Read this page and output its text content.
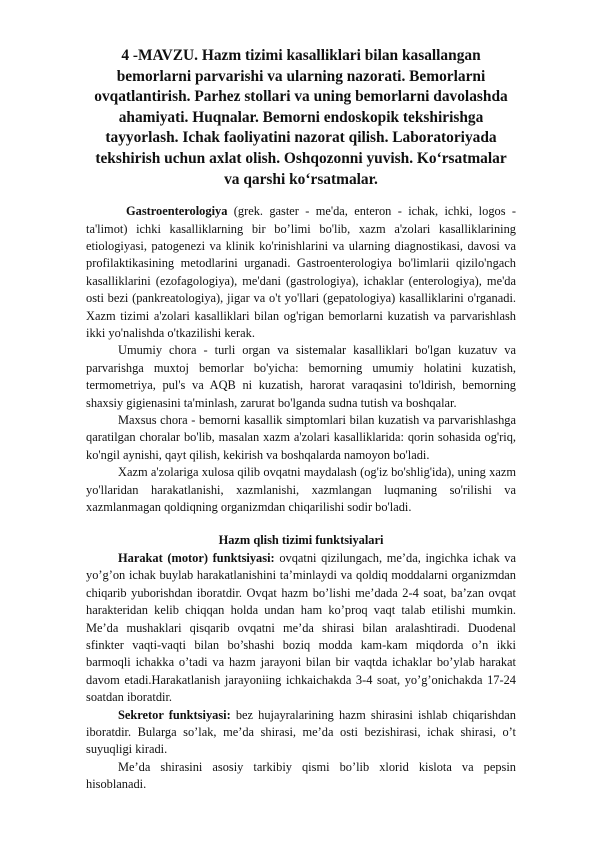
4 -MAVZU. Hazm tizimi kasalliklari bilan kasallangan bemorlarni parvarishi va ularning nazorati. Bemorlarni ovqatlantirish. Parhez stollari va uning bemorlarni davolashda ahamiyati. Huqnalar. Bemorni endoskopik tekshirishga tayyorlash. Ichak faoliyatini nazorat qilish. Laboratoriyada tekshirish uchun axlat olish. Oshqozonni yuvish. Ko‘rsatmalar va qarshi ko‘rsatmalar.

Gastroenterologiya (grek. gaster - me'da, enteron - ichak, ichki, logos - ta'limot) ichki kasalliklarning bir bo’limi bo'lib, xazm a'zolari kasalliklarining etiologiyasi, patogenezi va klinik ko'rinishlarini va ularning diagnostikasi, davosi va profilaktikasining metodlarini urganadi. Gastroenterologiya bo'limlarii qizilo'ngach kasalliklarini (ezofagologiya), me'dani (gastrologiya), ichaklar (enterologiya), me'da osti bezi (pankreatologiya), jigar va o't yo'llari (gepatologiya) kasalliklarini o'rganadi. Xazm tizimi a'zolari kasalliklari bilan og'rigan bemorlarni kuzatish va parvarishlash ikki yo'nalishda o'tkazilishi kerak.

Umumiy chora - turli organ va sistemalar kasalliklari bo'lgan kuzatuv va parvarishga muxtoj bemorlar bo'yicha: bemorning umumiy holatini kuzatish, termometriya, pul's va AQB ni kuzatish, harorat varaqasini to'ldirish, bemorning shaxsiy gigienasini ta'minlash, zarurat bo'lganda sudna tutish va boshqalar.

Maxsus chora - bemorni kasallik simptomlari bilan kuzatish va parvarishlashga qaratilgan choralar bo'lib, masalan xazm a'zolari kasalliklarida: qorin sohasida og'riq, ko'ngil aynishi, qayt qilish, kekirish va boshqalarda namoyon bo'ladi.

Xazm a'zolariga xulosa qilib ovqatni maydalash (og'iz bo'shlig'ida), uning xazm yo'llaridan harakatlanishi, xazmlanishi, xazmlangan luqmaning so'rilishi va xazmlanmagan qoldiqning organizmdan chiqarilishi sodir bo'ladi.

Hazm qlish tizimi funktsiyalari

Harakat (motor) funktsiyasi: ovqatni qizilungach, me’da, ingichka ichak va yo’g’on ichak buylab harakatlanishini ta’minlaydi va qoldiq moddalarni organizmdan chiqarib yuborishdan iboratdir. Ovqat hazm bo’lishi me’dada 2-4 soat, ba’zan ovqat harakteridan kelib chiqqan holda undan ham ko’proq vaqt talab etilishi mumkin. Me’da mushaklari qisqarib ovqatni me’da shirasi bilan aralashtiradi. Duodenal sfinkter vaqti-vaqti bilan bo’shashi boziq modda kam-kam miqdorda o’n ikki barmoqli ichakka o’tadi va hazm jarayoni bilan bir vaqtda ichaklar bo’ylab harakat davom etadi.Harakatlanish jarayoniing ichkaichakda 3-4 soat, yo’g’onichakda 17-24 soatdan iboratdir.

Sekretor funktsiyasi: bez hujayralarining hazm shirasini ishlab chiqarishdan iboratdir. Bularga so’lak, me’da shirasi, me’da osti bezishirasi, ichak shirasi, o’t suyuqligi kiradi.

Me’da shirasini asosiy tarkibiy qismi bo’lib xlorid kislota va pepsin hisoblanadi.
